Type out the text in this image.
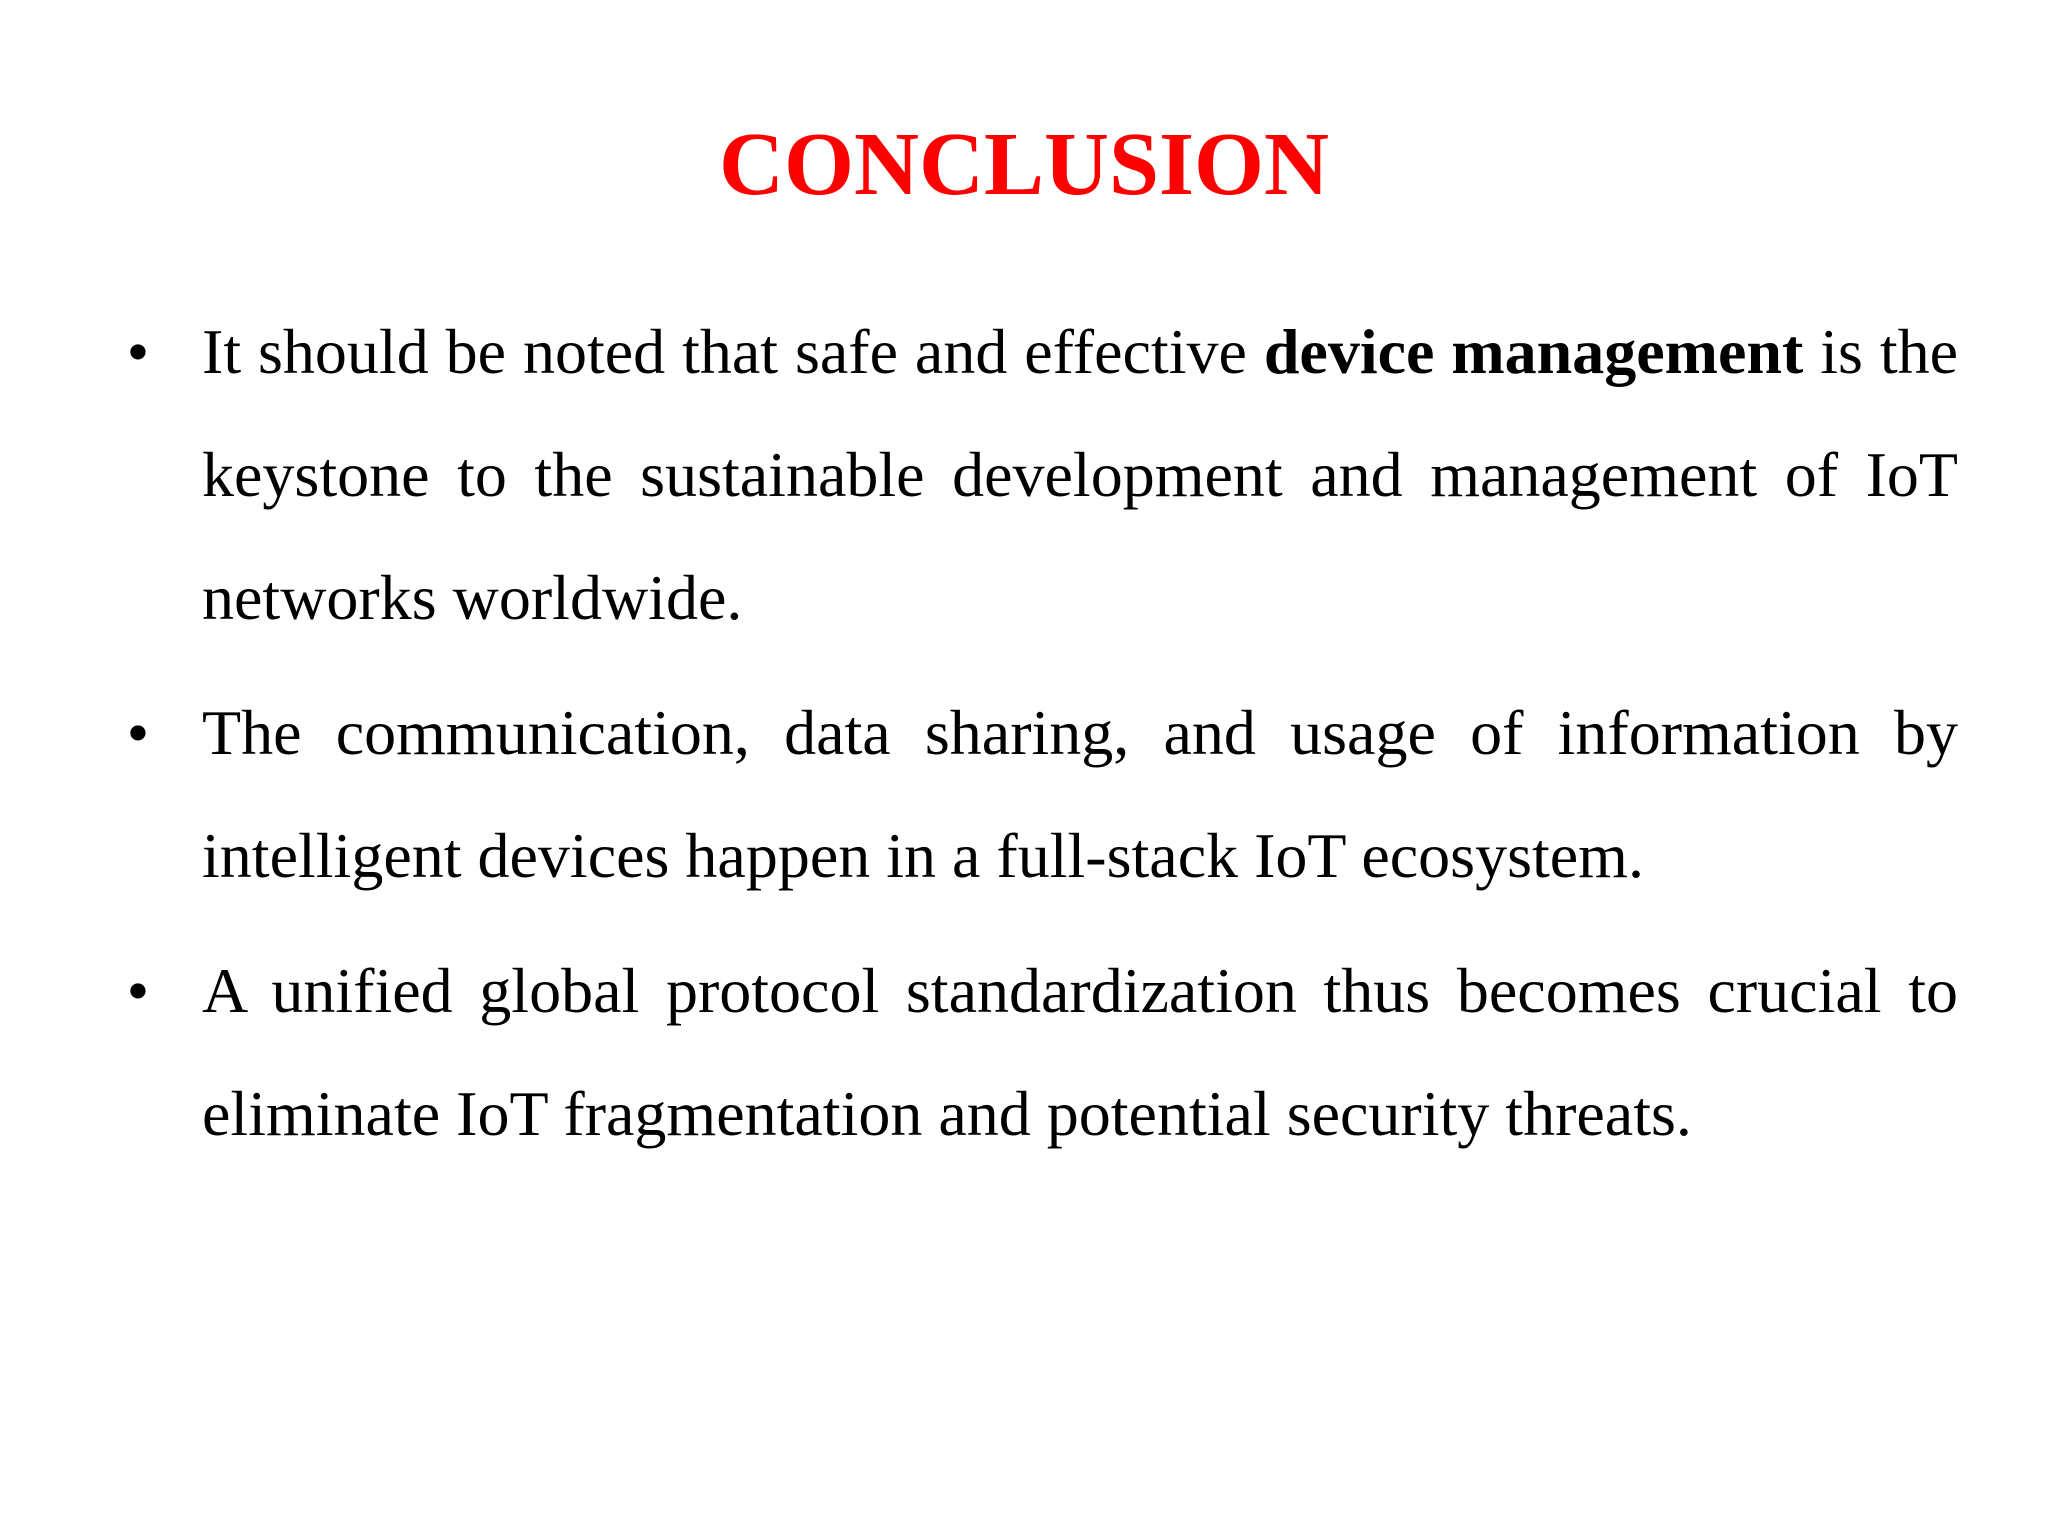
CONCLUSION
• It should be noted that safe and effective device management is the keystone to the sustainable development and management of IoT networks worldwide.
• The communication, data sharing, and usage of information by intelligent devices happen in a full-stack IoT ecosystem.
• A unified global protocol standardization thus becomes crucial to eliminate IoT fragmentation and potential security threats.
